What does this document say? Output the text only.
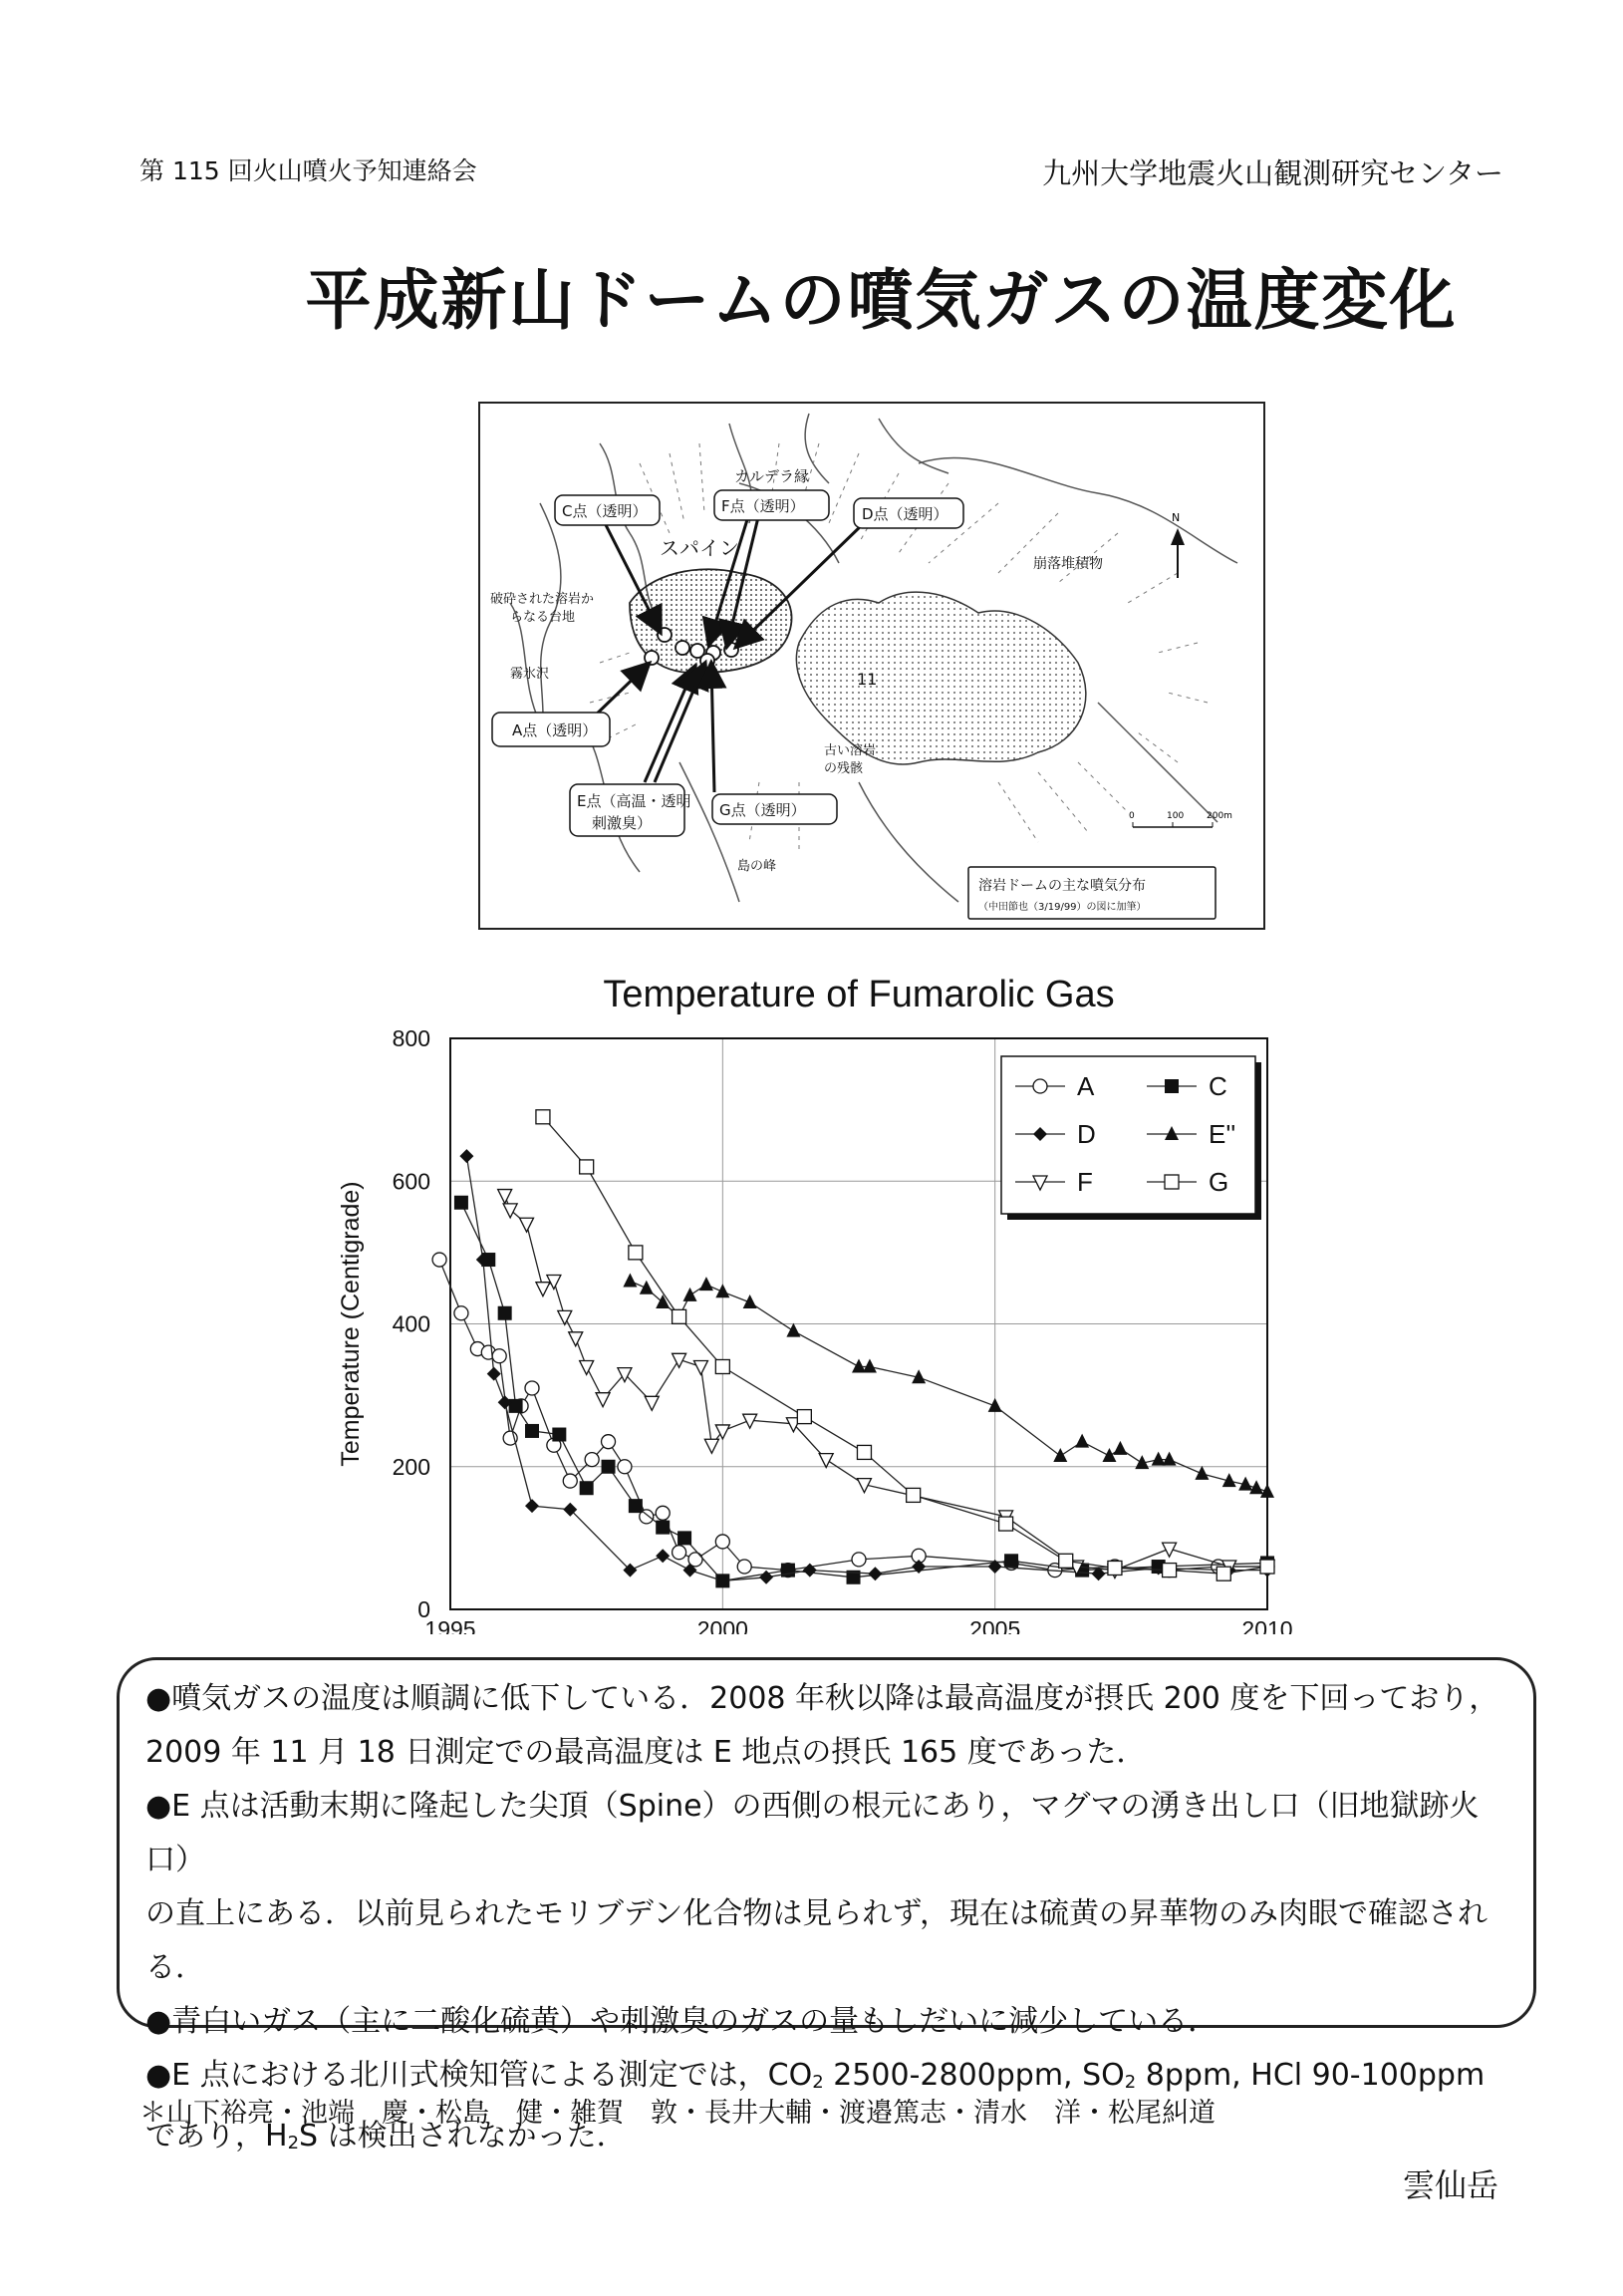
第 115 回火山噴火予知連絡会	九州大学地震火山観測研究センター
平成新山ドームの噴気ガスの温度変化
カルデラ縁
スパイン
C点（透明）	F点（透明）	D点（透明）
A点（透明）
E点（高温・透明
刺激臭）
G点（透明）
破砕された溶岩か
らなる台地
霧氷沢
崩落堆積物
11
古い溶岩
の残骸
島の峰
溶岩ドームの主な噴気分布
（中田節也（3/19/99）の図に加筆）
N
0	100	200m
Temperature of Fumarolic Gas
0
200
400
600
800
1995	2000	2005	2010
Temperature (Centigrade)
A	C
D	E''
F	G

●噴気ガスの温度は順調に低下している．2008 年秋以降は最高温度が摂氏 200 度を下回っており，

2009 年 11 月 18 日測定での最高温度は E 地点の摂氏 165 度であった．

●E 点は活動末期に隆起した尖頂（Spine）の西側の根元にあり，マグマの湧き出し口（旧地獄跡火口）

の直上にある．以前見られたモリブデン化合物は見られず，現在は硫黄の昇華物のみ肉眼で確認される．

●青白いガス（主に二酸化硫黄）や刺激臭のガスの量もしだいに減少している．

●E 点における北川式検知管による測定では，CO2 2500-2800ppm, SO2 8ppm, HCl 90-100ppm

であり，H2S は検出されなかった．

＊山下裕亮・池端　慶・松島　健・雑賀　敦・長井大輔・渡邉篤志・清水　洋・松尾糾道
雲仙岳
